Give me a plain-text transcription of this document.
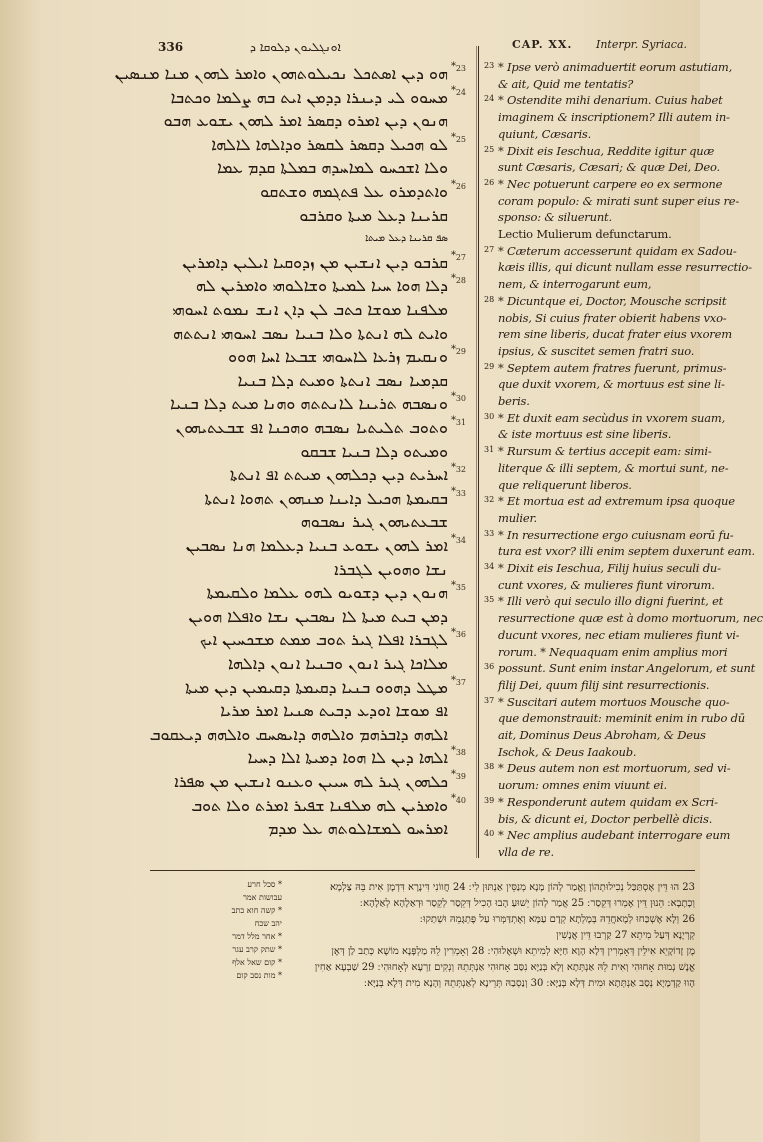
336	ܐܘܢܓܠܝܘܢ ܕܠܘܩܐ ܕ	CAP. XX. Interpr. Syriaca.
ܗܘ ܕܝܢ ܐܣܬܟܠ ܢܟܝܠܘܬܗܘܢ ܘܐܡܪ ܠܗܘܢ ܡܢܐ ܡܢܣܝܢ 23
*
ܡܚܘܘ ܠܝ ܕܝܢܪܐ ܕܕܡܢ ܐܝܬ ܒܗ ܨܠܡܐ ܘܟܬܒܐ 24
*
ܗܢܘܢ ܕܝܢ ܐܡܪܘ ܕܩܣܪ ܐܡܪ ܠܗܘܢ ܝܫܘܥ ܗܒܘ
ܠܘ ܗܟܝܠ ܕܩܣܪ ܠܩܣܪ ܘܕܐܠܗܐ ܠܐܠܗܐ 25
*
ܘܠܐ ܐܫܟܚܘ ܠܡܐܚܕܗ ܒܡܠܬܐ ܩܕܡ ܥܡܐ
ܘܐܬܕܡܪܘ ܥܠ ܦܬܓܡܗ ܘܫܬܩܘ 26
*
ܩܪܝܢܐ ܕܥܠ ܡܝܬܐ ܘܩܪܒܘ
ܣܦ ܩܪܝܢܐ ܕܥܠ ܡܝܬܐ
ܩܪܒܘ ܕܝܢ ܐܢܫܝܢ ܡܢ ܙܕܘܩܝܐ ܐܝܠܝܢ ܕܐܡܪܝܢ 27
*
ܕܠܐ ܗܘܐ ܚܝܐ ܠܡܝܬܐ ܘܫܐܠܘܗܝ ܘܐܡܪܝܢ ܠܗ 28
*
ܡܠܦܢܐ ܡܘܫܐ ܟܬܒ ܠܢ ܕܐܢ ܐܢܫ ܢܡܘܬ ܐܚܘܗܝ
ܘܐܝܬ ܠܗ ܐܢܬܬܐ ܘܠܐ ܒܢܝܐ ܢܣܒ ܐܚܘܗܝ ܐܢܬܬܗ
ܘܢܩܝܡ ܙܪܥܐ ܠܐܚܘܗܝ ܫܒܥܐ ܐܚܐ ܗܘܘ 29
*
ܩܕܡܝܐ ܢܣܒ ܐܢܬܬܐ ܘܡܝܬ ܕܠܐ ܒܢܝܐ
ܘܢܣܒܗ ܬܪܝܢܐ ܠܐܢܬܬܗ ܘܗܢܐ ܡܝܬ ܕܠܐ ܒܢܝܐ 30
*
ܘܬܘܒ ܬܠܝܬܝܐ ܢܣܒܗ ܘܗܟܢܐ ܐܦ ܫܒܥܬܝܗܘܢ 31
*
ܘܡܝܬܘ ܕܠܐ ܒܢܝܐ ܫܒܩܘ
ܐܚܪܝܬ ܕܝܢ ܕܟܠܗܘܢ ܡܝܬܬ ܐܦ ܐܢܬܬܐ 32
*
ܒܩܝܡܬܐ ܗܟܝܠ ܕܐܝܢܐ ܡܢܗܘܢ ܬܗܘܐ ܐܢܬܬܐ 33
*
ܫܒܥܬܝܗܘܢ ܓܝܪ ܢܣܒܘܗ
ܐܡܪ ܠܗܘܢ ܝܫܘܥ ܒܢܝܐ ܕܥܠܡܐ ܗܢܐ ܢܣܒܝܢ 34
*
ܢܫܐ ܘܗܘܝܢ ܠܓܒܪܐ
ܗܢܘܢ ܕܝܢ ܕܫܘܝܘ ܠܗܘ ܥܠܡܐ ܘܠܩܝܡܬܐ 35
*
ܕܡܢ ܒܝܬ ܡܝܬܐ ܠܐ ܢܣܒܝܢ ܢܫܐ ܘܐܦܠܐ ܗܘܝܢ
ܠܓܒܪܐ ܐܦܠܐ ܓܝܪ ܬܘܒ ܡܡܬ ܡܫܟܚܝܢ ܐܝܟ 36
*
ܡܠܐܟܐ ܓܝܪ ܐܢܘܢ ܘܒܢܝܐ ܐܢܘܢ ܕܐܠܗܐ
ܡܛܠ ܕܗܘܘ ܒܢܝܐ ܕܩܝܡܬܐ ܕܩܝܡܝܢ ܕܝܢ ܡܝܬܐ 37
*
ܐܦ ܡܘܫܐ ܐܘܕܥ ܕܒܝܬ ܣܢܝܐ ܐܡܪ ܡܪܝܐ
ܐܠܗܗ ܕܐܒܪܗܡ ܘܐܠܗܗ ܕܐܝܣܚܩ ܘܐܠܗܗ ܕܝܥܩܘܒ
ܐܠܗܐ ܕܝܢ ܠܐ ܗܘܐ ܕܡܝܬܐ ܐܠܐ ܕܚܝܐ 38
*
ܟܠܗܘܢ ܓܝܪ ܠܗ ܚܝܝܢ ܘܥܢܘ ܐܢܫܝܢ ܡܢ ܣܦܪܐ 39
*
ܘܐܡܪܝܢ ܠܗ ܡܠܦܢܐ ܫܦܝܪ ܐܡܪܬ ܘܠܐ ܬܘܒ 40
*
ܐܡܪܚܘ ܠܡܫܐܠܘܬܗ ܥܠ ܡܕܡ
23 * Ipse verò animaduertit eorum astutiam,
& ait, Quid me tentatis?
24 * Ostendite mihi denarium. Cuius habet
imaginem & inscriptionem? Illi autem in-
quiunt, Cæsaris.
25 * Dixit eis Ieschua, Reddite igitur quæ
sunt Cæsaris, Cæsari; & quæ Dei, Deo.
26 * Nec potuerunt carpere eo ex sermone
coram populo: & mirati sunt super eius re-
sponso: & siluerunt.
Lectio Mulierum defunctarum.
27 * Cæterum accesserunt quidam ex Sadou-
kæis illis, qui dicunt nullam esse resurrectio-
nem, & interrogarunt eum,
28 * Dicuntque ei, Doctor, Mousche scripsit
nobis, Si cuius frater obierit habens vxo-
rem sine liberis, ducat frater eius vxorem
ipsius, & suscitet semen fratri suo.
29 * Septem autem fratres fuerunt, primus-
que duxit vxorem, & mortuus est sine li-
beris.
30 * Et duxit eam secùdus in vxorem suam,
& iste mortuus est sine liberis.
31 * Rursum & tertius accepit eam: simi-
literque & illi septem, & mortui sunt, ne-
que reliquerunt liberos.
32 * Et mortua est ad extremum ipsa quoque
mulier.
33 * In resurrectione ergo cuiusnam eorū fu-
tura est vxor? illi enim septem duxerunt eam.
34 * Dixit eis Ieschua, Filij huius seculi du-
cunt vxores, & mulieres fiunt virorum.
35 * Illi verò qui seculo illo digni fuerint, et
resurrectione quæ est à domo mortuorum, nec
ducunt vxores, nec etiam mulieres fiunt vi-
rorum. * Nequaquam enim amplius mori
36 possunt. Sunt enim instar Angelorum, et sunt
filij Dei, quum filij sint resurrectionis.
37 * Suscitari autem mortuos Mousche quo-
que demonstrauit: meminit enim in rubo dū
ait, Dominus Deus Abroham, & Deus
Ischok, & Deus Iaakoub.
38 * Deus autem non est mortuorum, sed vi-
uorum: omnes enim viuunt ei.
39 * Responderunt autem quidam ex Scri-
bis, & dicunt ei, Doctor perbellè dicis.
40 * Nec amplius audebant interrogare eum
vlla de re.
* סכל חרע
עבושות אמר
* קשה חוא כתב
יהב שכח
* אחר מלל דמר
* שתק קרב עגר
* קום שאל אלף
* מות נסב קום
23 הוּ דֵּין אֶסְתַּכַּל נְכִילוּתְהוֹן וֶאֱמַר לְהוֹן מָנָא מְנַסֵּין אַנְתּוּן לִי ׃ 24 חֲווֹנִי דִּינָרָא דִּדְמָן אִית בֵּהּ צַלְמָא
וְכָתָבָא ׃ הֵנוּן דֵּין אֶמְרוּ דְּקֵסַר ׃ 25 אֲמַר לְהוֹן יֵשׁוּעַ הָבוּ הָכִיל דְּקֵסַר לְקֵסַר וּדְאַלָהָא לְאַלָהָא ׃
26 וְלָא אֶשְׁכַּחוּ לְמֶאחֲדֵהּ בְּמֶלְתָא קְדָם עַמָּא וְאֶתְדַּמְּרוּ עַל פֶּתְגָּמֵהּ וּשְׁתַקוּ ׃
קְרְיָנָא דְּעַל מִיתֵא 27 קַרְבוּ דֵּין אֲנָשִׁין
מֶן זָדוֹקָיֵא אִילֵין דְּאָמְרִין דְּלָא הָוָא חַיָּא לְמִיתֵא וּשְׁאֶלוּהִי ׃ 28 וְאָמְרִין לֵהּ מַלְפָּנָא מוֹשֶׁא כְּתַב לַן דְּאֶן
אֱנָשׁ נְמוּת אָחוּהִי וְאִית לֵהּ אַנְתְּתָא וְלָא בְּנַיָּא נִסַּב אָחוּהִי אַנְתְּתֵהּ וְנְקִים זַרְעָא לְאָחוּהִי ׃ 29 שַׁבְעָא אַחִין
הָווּ קַדְמָיָא נְסַב אַנְתְּתָא וּמִית דְּלָא בְּנַיָּא ׃ 30 וְנַסְבַהּ תְּרֵינָא לְאַנְתְּתֵהּ וְהָנָא מִית דְּלָא בְּנַיָּא ׃
